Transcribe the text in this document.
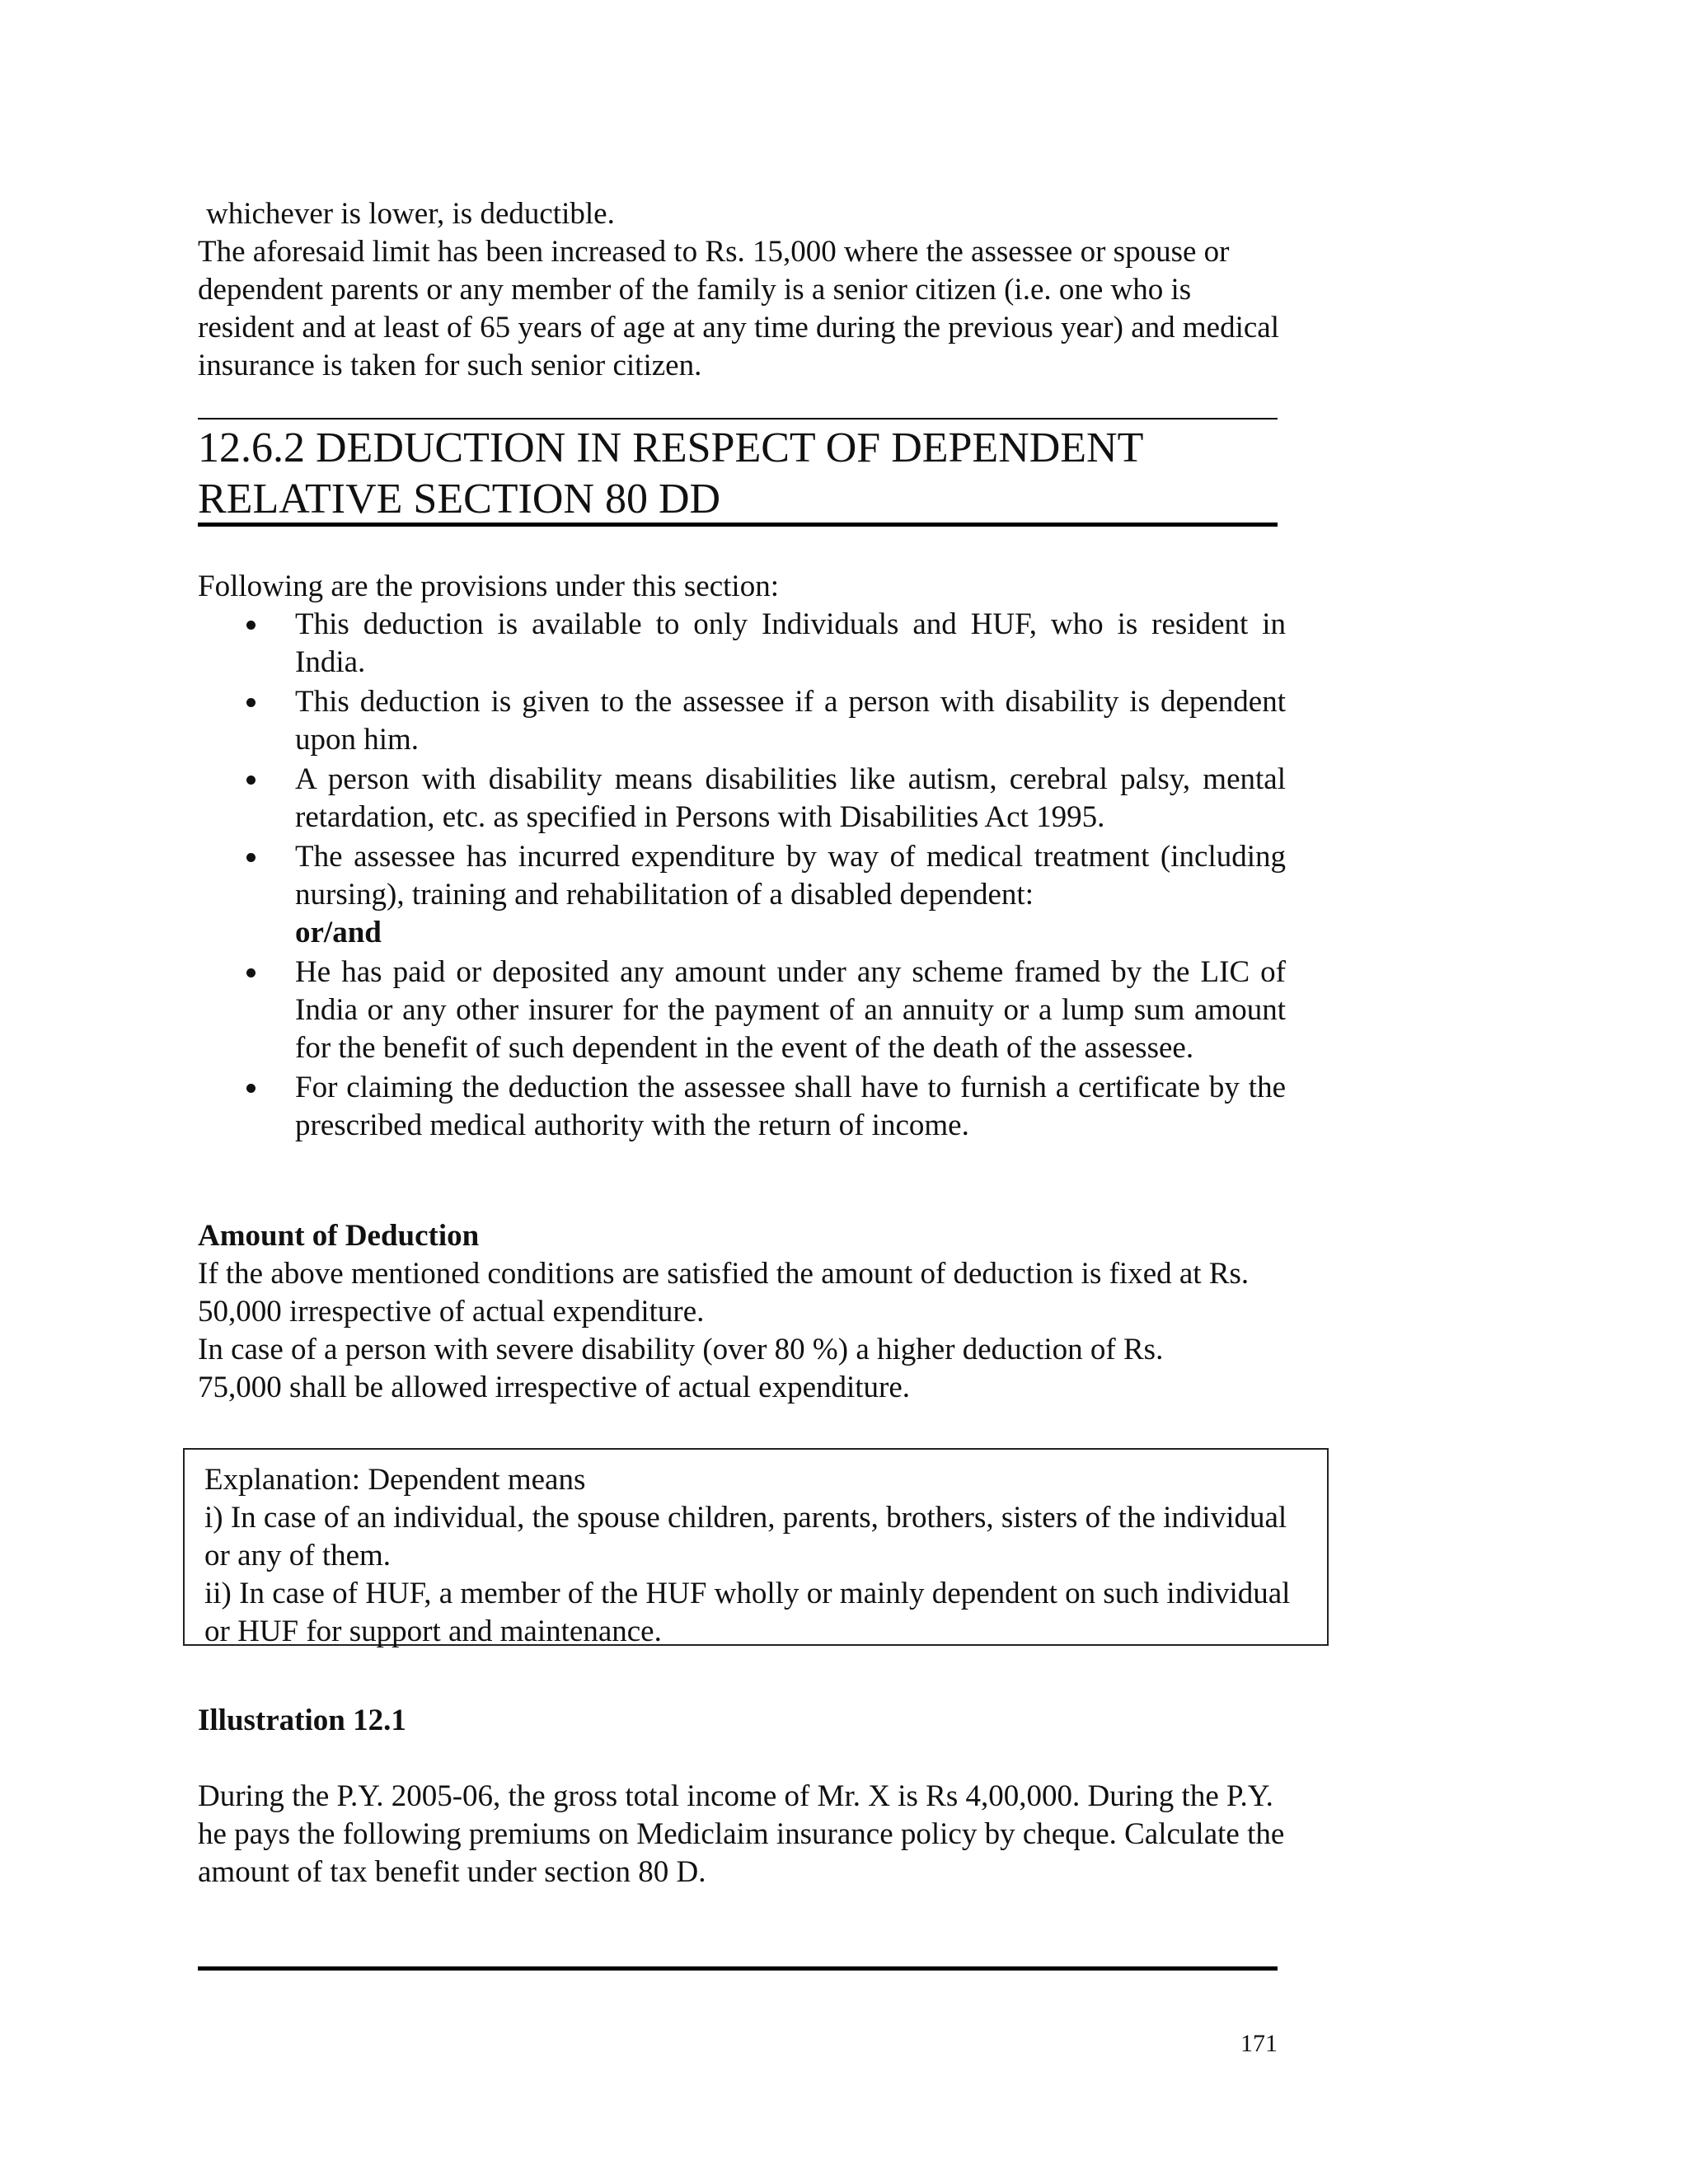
whichever is lower, is deductible.
The aforesaid limit has been increased to Rs. 15,000 where the assessee or spouse or dependent parents or any member of the family is a senior citizen (i.e. one who is resident and at least of 65 years of age at any time during the previous year) and medical insurance is taken for such senior citizen.
12.6.2 DEDUCTION IN RESPECT OF DEPENDENT
RELATIVE SECTION 80 DD
Following are the provisions under this section:
This deduction is available to only Individuals and HUF, who is resident in India.
This deduction is given to the assessee if a person with disability is dependent upon him.
A person with disability means disabilities like autism, cerebral palsy, mental retardation, etc. as specified in Persons with Disabilities Act 1995.
The assessee has incurred expenditure by way of medical treatment (including nursing), training and rehabilitation of a disabled dependent:
or/and
He has paid or deposited any amount under any scheme framed by the LIC of India or any other insurer for the payment of an annuity or a lump sum amount for the benefit of such dependent in the event of the death of the assessee.
For claiming the deduction the assessee shall have to furnish a certificate by the prescribed medical authority with the return of income.
Amount of Deduction
If the above mentioned conditions are satisfied the amount of deduction is fixed at Rs. 50,000 irrespective of actual expenditure.
In case of a person with severe disability (over 80 %) a higher deduction of Rs. 75,000 shall be allowed irrespective of actual expenditure.
Explanation: Dependent means
i) In case of an individual, the spouse children, parents, brothers, sisters of the individual or any of them.
ii) In case of HUF, a member of the HUF wholly or mainly dependent on such individual or HUF for support and maintenance.
Illustration 12.1
During the P.Y. 2005-06, the gross total income of Mr. X is Rs 4,00,000. During the P.Y. he pays the following premiums on Mediclaim insurance policy by cheque. Calculate the amount of tax benefit under section 80 D.
171
